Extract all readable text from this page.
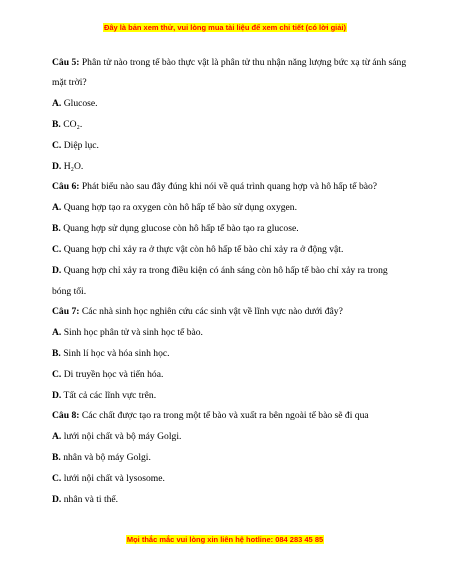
Đây là bản xem thử, vui lòng mua tài liệu để xem chi tiết (có lời giải)

Câu 5: Phân tử nào trong tế bào thực vật là phân tử thu nhận năng lượng bức xạ từ ánh sáng mặt trời?

A. Glucose.

B. CO₂.

C. Diệp lục.

D. H₂O.

Câu 6: Phát biểu nào sau đây đúng khi nói về quá trình quang hợp và hô hấp tế bào?

A. Quang hợp tạo ra oxygen còn hô hấp tế bào sử dụng oxygen.

B. Quang hợp sử dụng glucose còn hô hấp tế bào tạo ra glucose.

C. Quang hợp chỉ xảy ra ở thực vật còn hô hấp tế bào chỉ xảy ra ở động vật.

D. Quang hợp chỉ xảy ra trong điều kiện có ánh sáng còn hô hấp tế bào chỉ xảy ra trong bóng tối.

Câu 7: Các nhà sinh học nghiên cứu các sinh vật về lĩnh vực nào dưới đây?

A. Sinh học phân tử và sinh học tế bào.

B. Sinh lí học và hóa sinh học.

C. Di truyền học và tiến hóa.

D. Tất cả các lĩnh vực trên.

Câu 8: Các chất được tạo ra trong một tế bào và xuất ra bên ngoài tế bào sẽ đi qua

A. lưới nội chất và bộ máy Golgi.

B. nhân và bộ máy Golgi.

C. lưới nội chất và lysosome.

D. nhân và ti thể.

Mọi thắc mắc vui lòng xin liên hệ hotline: 084 283 45 85
